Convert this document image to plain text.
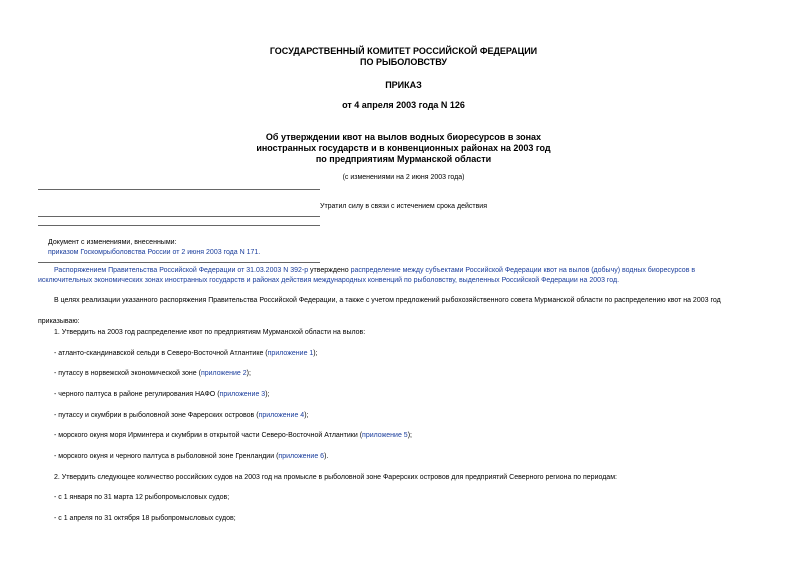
ГОСУДАРСТВЕННЫЙ КОМИТЕТ РОССИЙСКОЙ ФЕДЕРАЦИИ
ПО РЫБОЛОВСТВУ
ПРИКАЗ
от 4 апреля 2003 года N 126
Об утверждении квот на вылов водных биоресурсов в зонах
иностранных государств и в конвенционных районах на 2003 год
по предприятиям Мурманской области
(с изменениями на 2 июня 2003 года)
Утратил силу в связи с истечением срока действия
Документ с изменениями, внесенными:
приказом Госкомрыболовства России от 2 июня 2003 года N 171.
Распоряжением Правительства Российской Федерации от 31.03.2003 N 392-р утверждено распределение между субъектами Российской Федерации квот на вылов (добычу) водных биоресурсов в
исключительных экономических зонах иностранных государств и районах действия международных конвенций по рыболовству, выделенных Российской Федерации на 2003 год.
В целях реализации указанного распоряжения Правительства Российской Федерации, а также с учетом предложений рыбохозяйственного совета Мурманской области по распределению квот на 2003 год
приказываю:
1. Утвердить на 2003 год распределение квот по предприятиям Мурманской области на вылов:
- атланто-скандинавской сельди в Северо-Восточной Атлантике (приложение 1);
- путассу в норвежской экономической зоне (приложение 2);
- черного палтуса в районе регулирования НАФО (приложение 3);
- путассу и скумбрии в рыболовной зоне Фарерских островов (приложение 4);
- морского окуня моря Ирмингера и скумбрии в открытой части Северо-Восточной Атлантики (приложение 5);
- морского окуня и черного палтуса в рыболовной зоне Гренландии (приложение 6).
2. Утвердить следующее количество российских судов на 2003 год на промысле в рыболовной зоне Фарерских островов для предприятий Северного региона по периодам:
- с 1 января по 31 марта 12 рыбопромысловых судов;
- с 1 апреля по 31 октября 18 рыбопромысловых судов;
